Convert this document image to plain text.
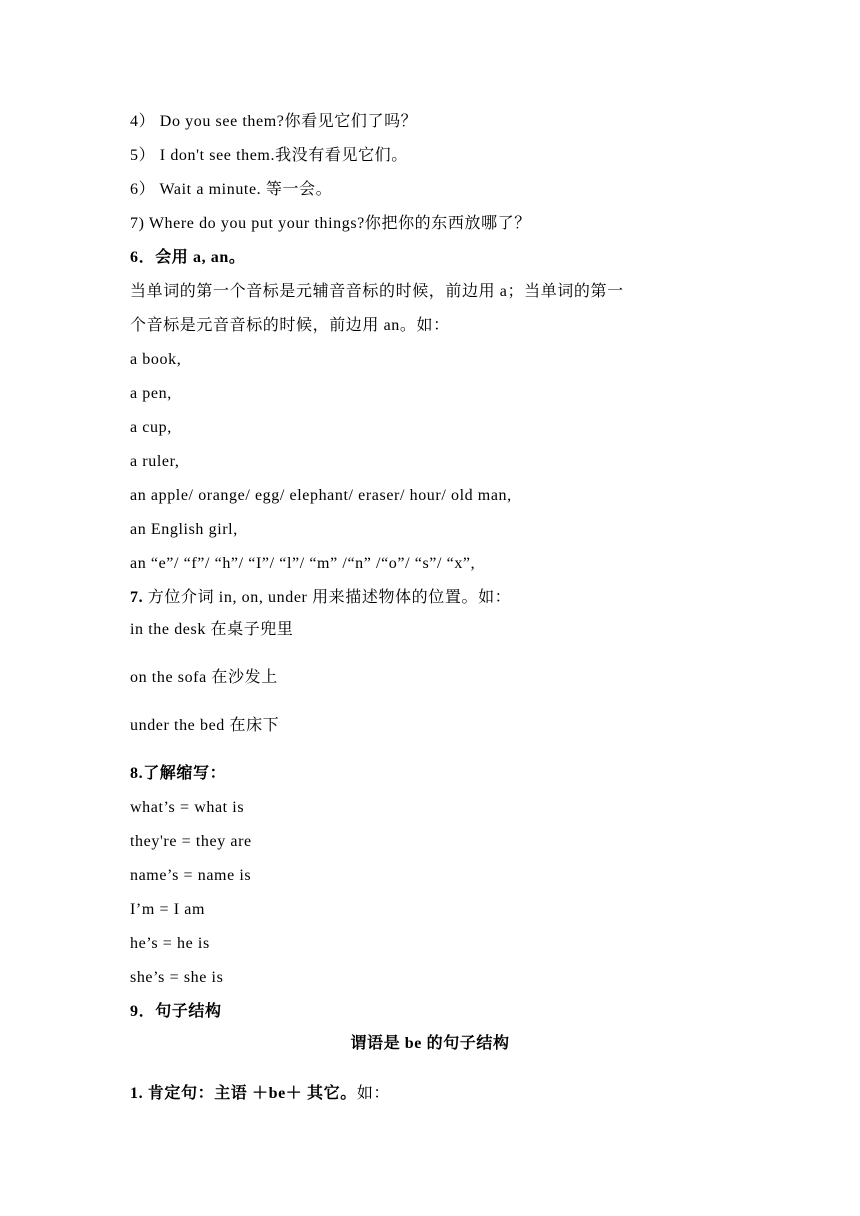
4） Do you see them?你看见它们了吗？
5） I don't see them.我没有看见它们。
6） Wait a minute. 等一会。
7) Where do you put your things?你把你的东西放哪了？
6．会用 a, an。
当单词的第一个音标是元辅音音标的时候，前边用 a；当单词的第一
个音标是元音音标的时候，前边用 an。如：
a book,
a pen,
a cup,
a ruler,
an apple/ orange/ egg/ elephant/ eraser/ hour/ old man,
an English girl,
an “e”/ “f”/ “h”/ “I”/ “l”/ “m” /“n” /“o”/ “s”/ “x”,
7. 方位介词 in, on, under 用来描述物体的位置。如：
in the desk 在桌子兜里
on the sofa 在沙发上
under the bed 在床下
8.了解缩写：
what’s = what is
they're = they are
name’s = name is
I’m = I am
he’s = he is
she’s = she is
9．句子结构
谓语是 be 的句子结构
1. 肯定句：主语 ＋be＋ 其它。如：
